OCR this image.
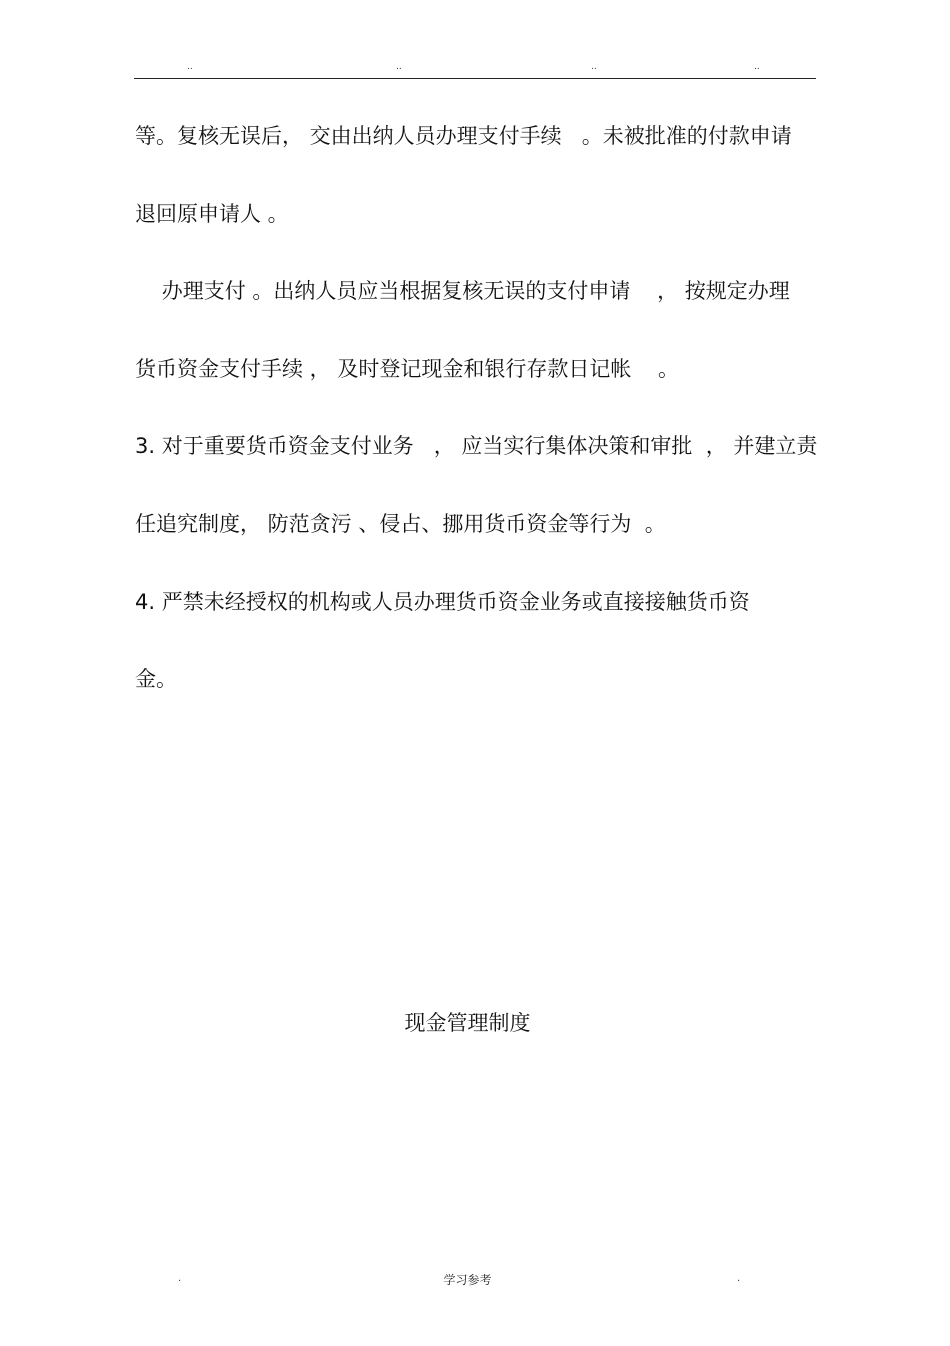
..	..	..	..
等。复核无误后， 交由出纳人员办理支付手续   。未被批准的付款申请
退回原申请人 。
办理支付 。出纳人员应当根据复核无误的支付申请    ， 按规定办理
货币资金支付手续 ， 及时登记现金和银行存款日记帐    。
3. 对于重要货币资金支付业务   ， 应当实行集体决策和审批  ， 并建立责
任追究制度， 防范贪污 、侵占、挪用货币资金等行为  。
4. 严禁未经授权的机构或人员办理货币资金业务或直接接触货币资
金。
现金管理制度
.	学习参考	.
